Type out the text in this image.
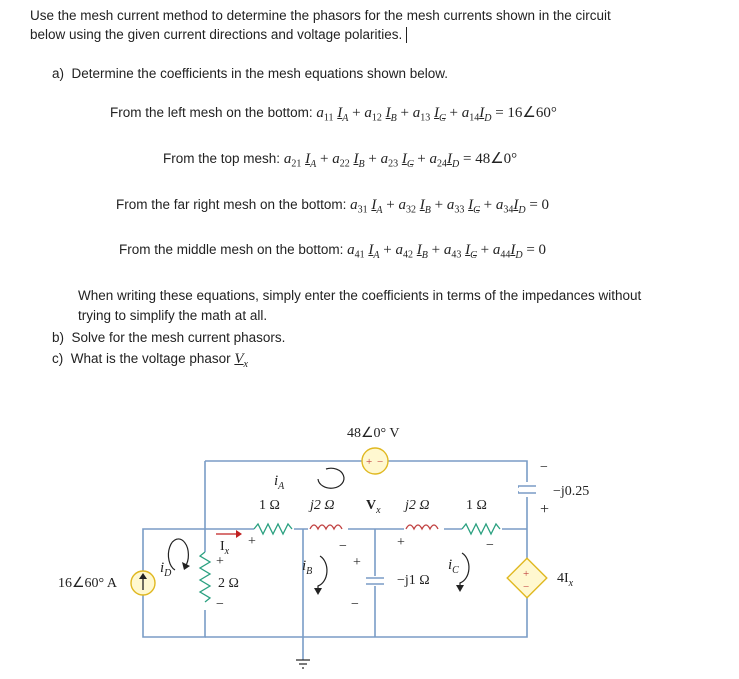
Use the mesh current method to determine the phasors for the mesh currents shown in the circuit
below using the given current directions and voltage polarities.
a) Determine the coefficients in the mesh equations shown below.
From the left mesh on the bottom: $a_{11}$ $I_A + a_{12}$ $I_B + a_{13}$ $I_C + a_{14}I_D$ = 16∠60°
From the top mesh: $a_{21}$ $I_A + a_{22}$ $I_B + a_{23}$ $I_C + a_{24}I_D$ = 48∠0°
From the far right mesh on the bottom: $a_{31}$ $I_A + a_{32}$ $I_B + a_{33}$ $I_C + a_{34}I_D = 0$
From the middle mesh on the bottom: $a_{41}$ $I_A + a_{42}$ $I_B + a_{43}$ $I_C + a_{44}I_D = 0$
When writing these equations, simply enter the coefficients in terms of the impedances without
trying to simplify the math at all.
b) Solve for the mesh current phasors.
c) What is the voltage phasor $V_x$
+ −
48∠0° V
−
−j0.25
+
+
−
$4I_x$
16∠60° A	2 Ω
+
−
$I_x$
1 Ω
+
j2 Ω
−
$V_x$ j2 Ω
+
1 Ω
−
+
−
−j1 Ω
$i_A$
$i_B$	$i_C$
$i_D$
